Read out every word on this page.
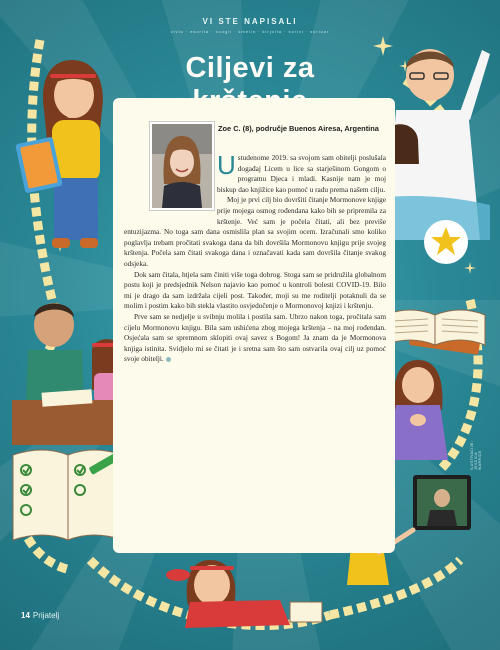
VI STE NAPISALI
vivlo · escrita · scogli · smelin · kirjoita · scrivi · skriuar
Ciljevi za
Zoe C. (8), područje Buenos Airesa, Argentina

Ustudenome 2019. sa svojom sam obitelji poslušala događaj Licem u lice sa starješinom Gongom o programu Djeca i mladi. Kasnije nam je moj biskup dao knjižice kao pomoć u radu prema našem cilju.

Moj je prvi cilj bio dovršiti čitanje Mormonove knjige prije mojega osmog rođendana kako bih se pripremila za krštenje. Već sam je počela čitati, ali bez previše entuzijazma. No toga sam dana osmislila plan sa svojim ocem. Izračunali smo koliko poglavlja trebam pročitati svakoga dana da bih dovršila Mormonovu knjigu prije svojeg krštenja. Počela sam čitati svakoga dana i označavati kada sam dovršila čitanje svakog odsjeka.

Dok sam čitala, htjela sam činiti više toga dobrog. Stoga sam se pridružila globalnom postu koji je predsjednik Nelson najavio kao pomoć u kontroli bolesti COVID-19. Bilo mi je drago da sam izdržala cijeli post. Također, moji su me roditelji potaknuli da se molim i postim kako bih stekla vlastito osvjedočenje o Mormonovoj knjizi i krštenju.

Prve sam se nedjelje u svibnju molila i postila sam. Ubrzo nakon toga, pročitala sam cijelu Mormonovu knjigu. Bila sam ushićena zbog mojega krštenja – na moj rođendan. Osjećala sam se spremnom sklopiti ovaj savez s Bogom! Ja znam da je Mormonova knjiga istinita. Svidjelo mi se čitati je i sretna sam što sam ostvarila ovaj cilj uz pomoć svoje obitelji.

ILUSTRACIJE: JESSICA WARRICK
14 Prijatelj
